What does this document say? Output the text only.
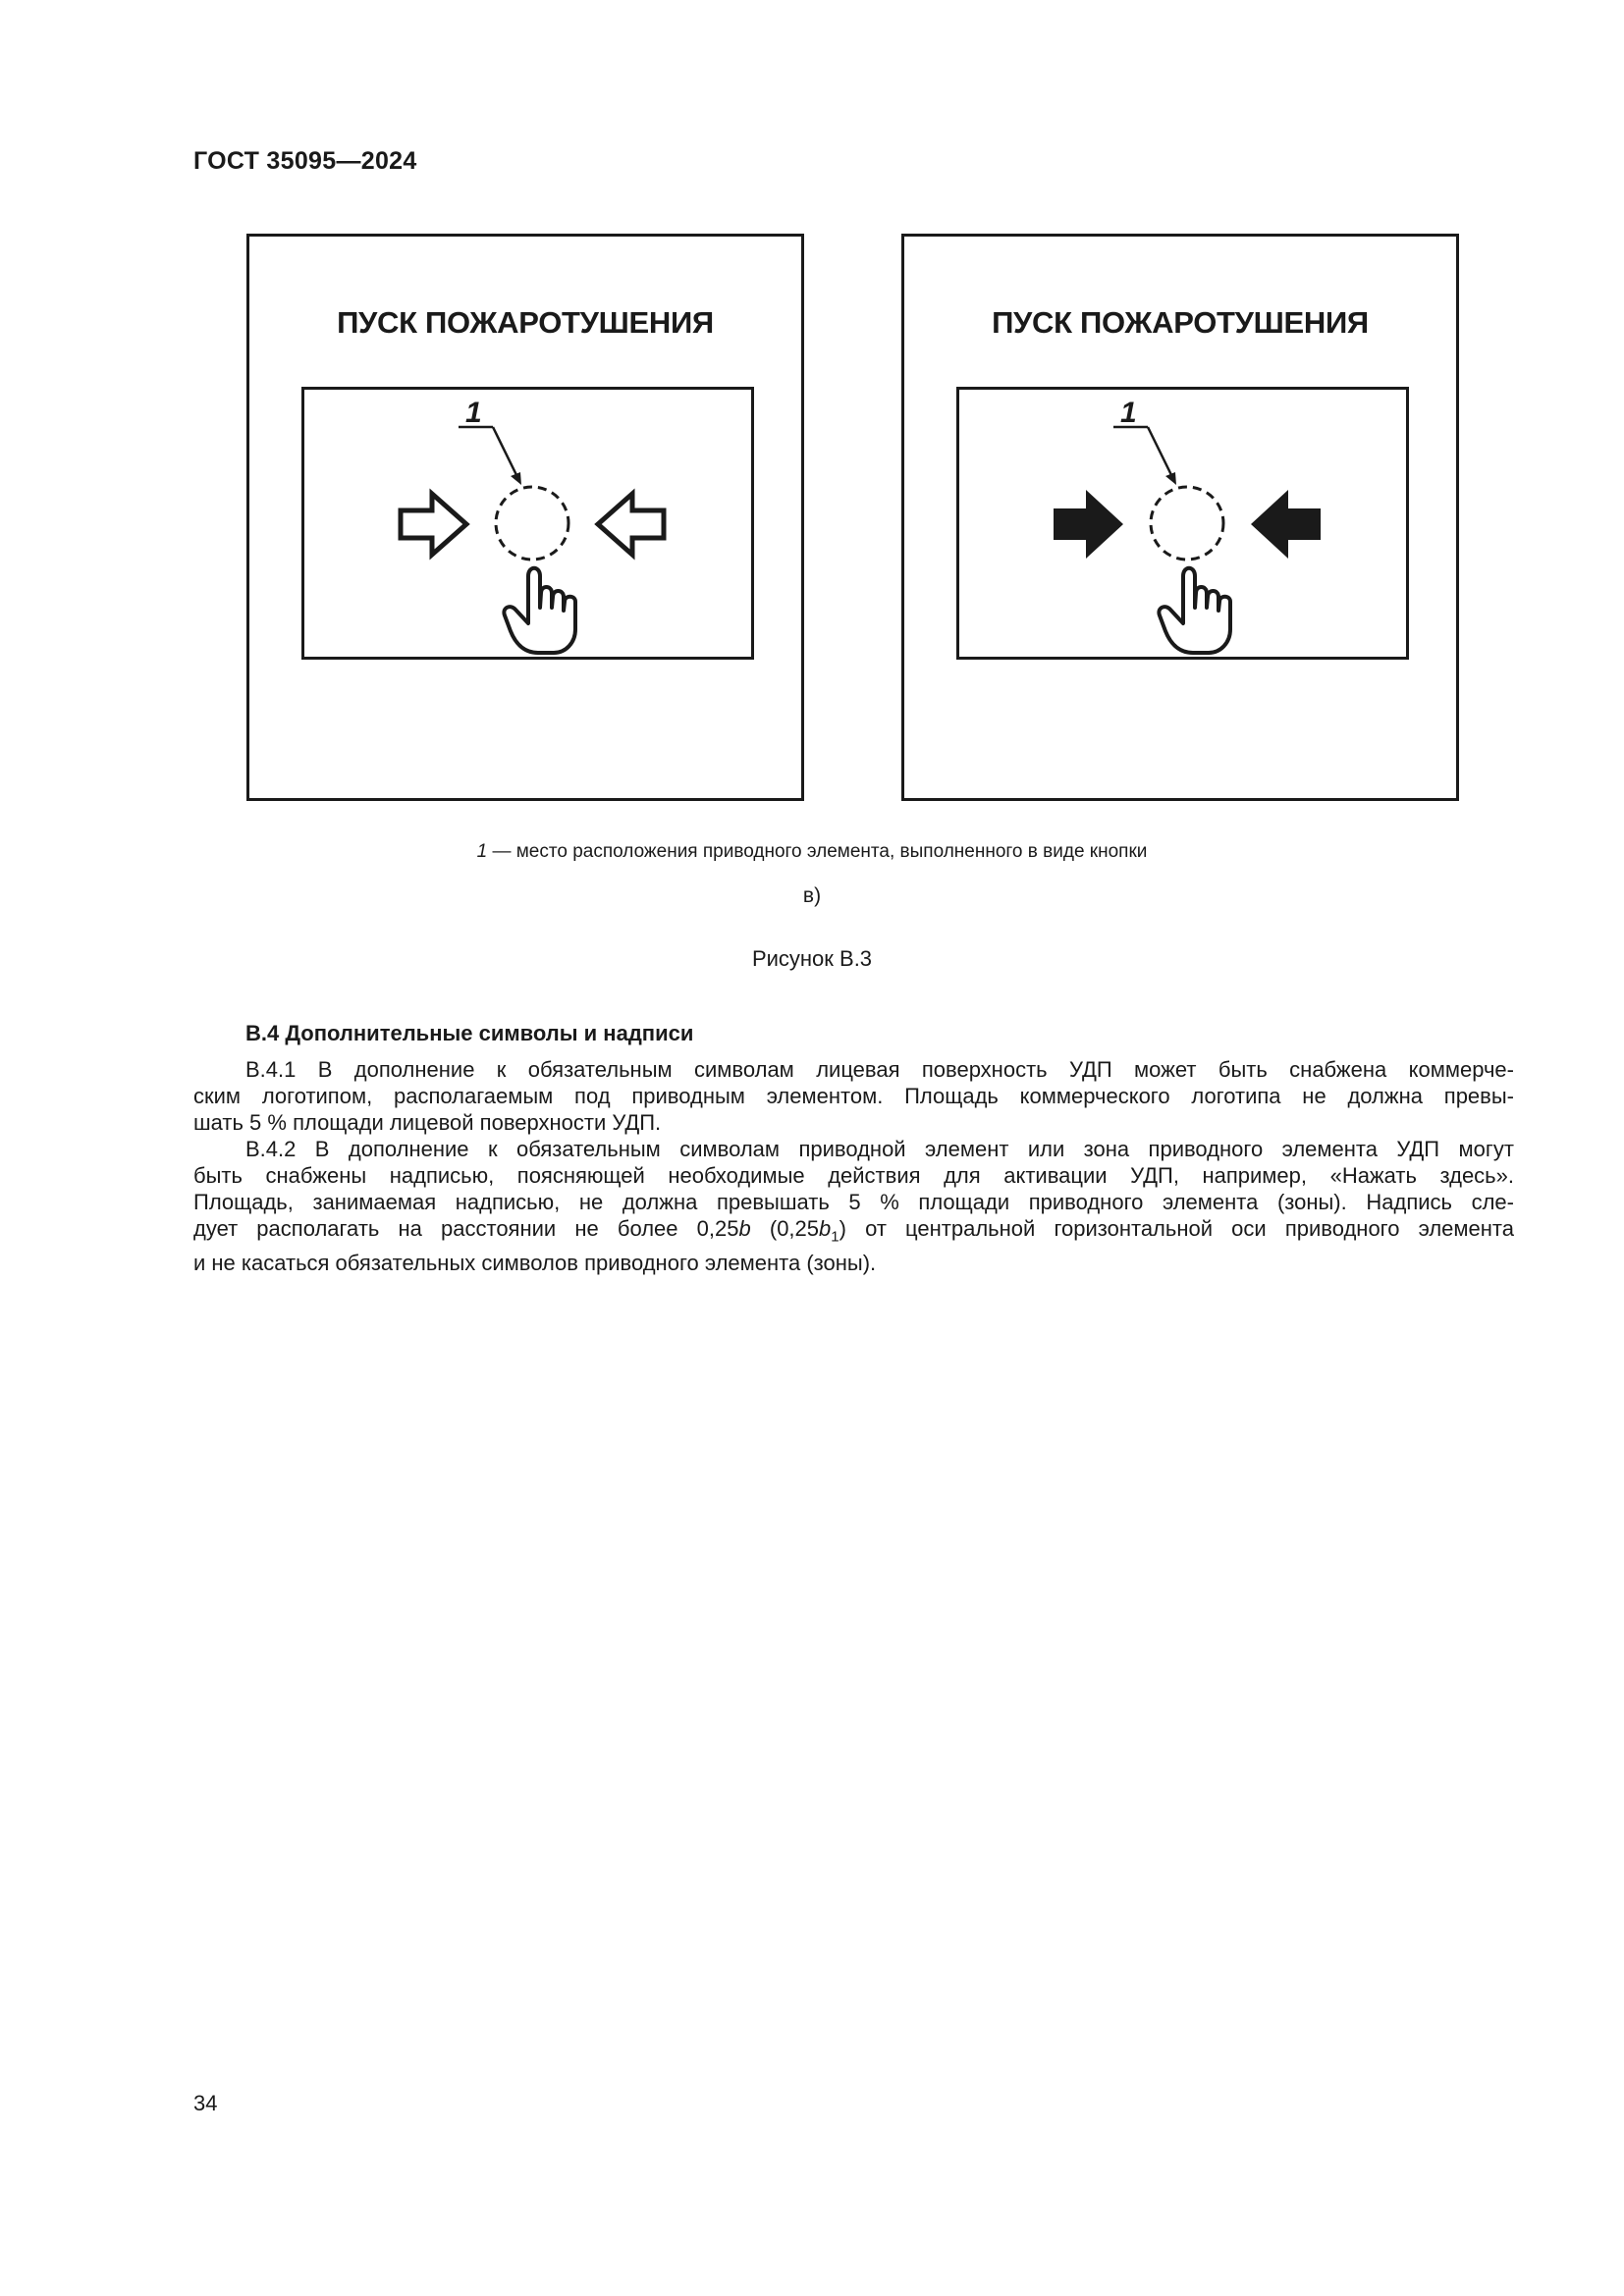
ГОСТ 35095—2024
ПУСК ПОЖАРОТУШЕНИЯ
1
ПУСК ПОЖАРОТУШЕНИЯ
1
1 — место расположения приводного элемента, выполненного в виде кнопки
в)
Рисунок В.3
В.4 Дополнительные символы и надписи
В.4.1 В дополнение к обязательным символам лицевая поверхность УДП может быть снабжена коммерче-
ским логотипом, располагаемым под приводным элементом. Площадь коммерческого логотипа не должна превы-
шать 5 % площади лицевой поверхности УДП.
В.4.2 В дополнение к обязательным символам приводной элемент или зона приводного элемента УДП могут
быть снабжены надписью, поясняющей необходимые действия для активации УДП, например, «Нажать здесь».
Площадь, занимаемая надписью, не должна превышать 5 % площади приводного элемента (зоны). Надпись сле-
дует располагать на расстоянии не более 0,25b $(0,25b_1)$ от центральной горизонтальной оси приводного элемента
и не касаться обязательных символов приводного элемента (зоны).
34
